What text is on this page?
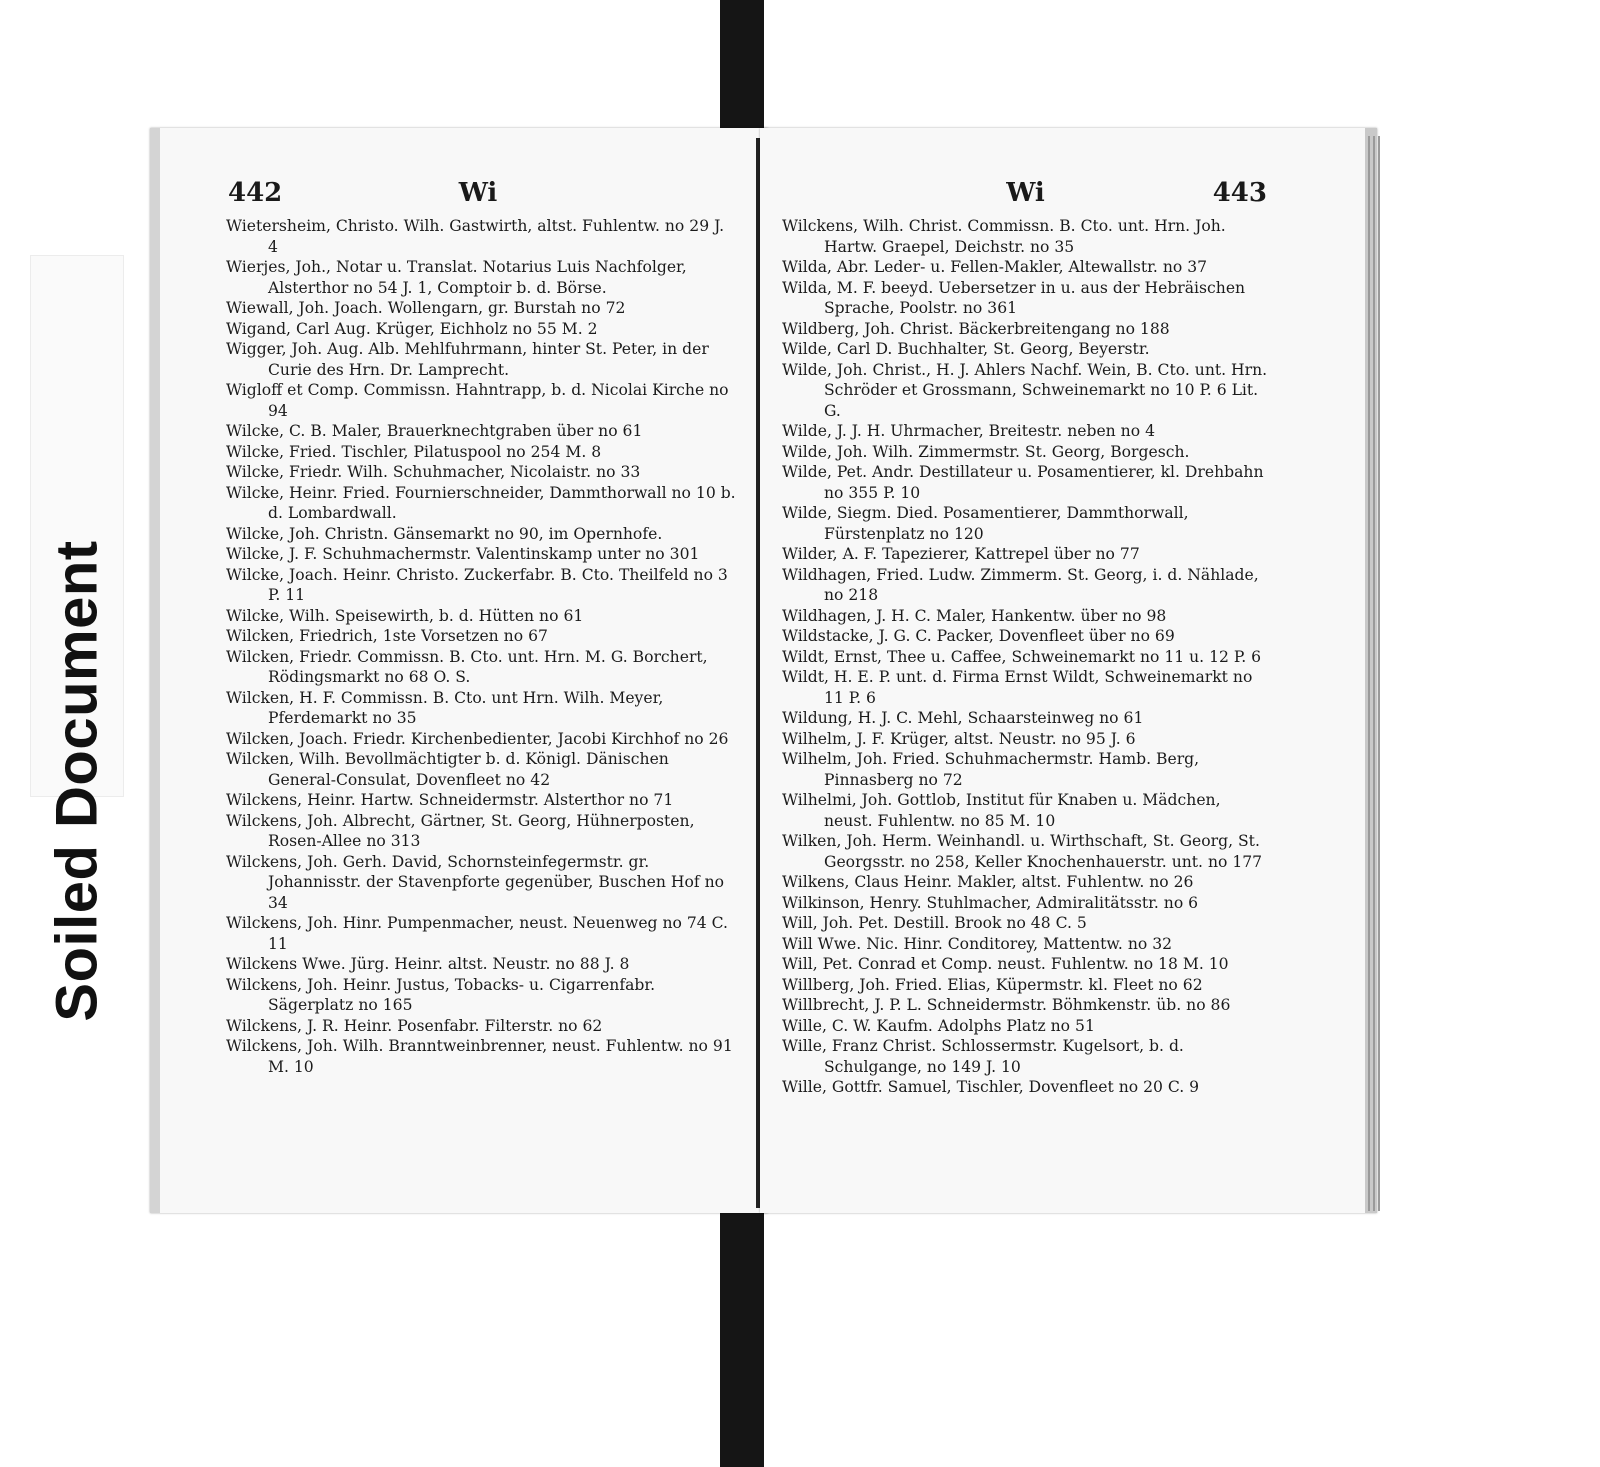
Soiled Document
442	Wi

Wietersheim, Christo. Wilh. Gastwirth, altst. Fuhlentw. no 29 J. 4

Wierjes, Joh., Notar u. Translat. Notarius Luis Nachfolger, Alsterthor no 54 J. 1, Comptoir b. d. Börse.

Wiewall, Joh. Joach. Wollengarn, gr. Burstah no 72

Wigand, Carl Aug. Krüger, Eichholz no 55 M. 2

Wigger, Joh. Aug. Alb. Mehlfuhrmann, hinter St. Peter, in der Curie des Hrn. Dr. Lamprecht.

Wigloff et Comp. Commissn. Hahntrapp, b. d. Nicolai Kirche no 94

Wilcke, C. B. Maler, Brauerknechtgraben über no 61

Wilcke, Fried. Tischler, Pilatuspool no 254 M. 8

Wilcke, Friedr. Wilh. Schuhmacher, Nicolaistr. no 33

Wilcke, Heinr. Fried. Fournierschneider, Dammthorwall no 10 b. d. Lombardwall.

Wilcke, Joh. Christn. Gänsemarkt no 90, im Opernhofe.

Wilcke, J. F. Schuhmachermstr. Valentinskamp unter no 301

Wilcke, Joach. Heinr. Christo. Zuckerfabr. B. Cto. Theilfeld no 3 P. 11

Wilcke, Wilh. Speisewirth, b. d. Hütten no 61

Wilcken, Friedrich, 1ste Vorsetzen no 67

Wilcken, Friedr. Commissn. B. Cto. unt. Hrn. M. G. Borchert, Rödingsmarkt no 68 O. S.

Wilcken, H. F. Commissn. B. Cto. unt Hrn. Wilh. Meyer, Pferdemarkt no 35

Wilcken, Joach. Friedr. Kirchenbedienter, Jacobi Kirchhof no 26

Wilcken, Wilh. Bevollmächtigter b. d. Königl. Dänischen General-Consulat, Dovenfleet no 42

Wilckens, Heinr. Hartw. Schneidermstr. Alsterthor no 71

Wilckens, Joh. Albrecht, Gärtner, St. Georg, Hühnerposten, Rosen-Allee no 313

Wilckens, Joh. Gerh. David, Schornsteinfegermstr. gr. Johannisstr. der Stavenpforte gegenüber, Buschen Hof no 34

Wilckens, Joh. Hinr. Pumpenmacher, neust. Neuenweg no 74 C. 11

Wilckens Wwe. Jürg. Heinr. altst. Neustr. no 88 J. 8

Wilckens, Joh. Heinr. Justus, Tobacks- u. Cigarrenfabr. Sägerplatz no 165

Wilckens, J. R. Heinr. Posenfabr. Filterstr. no 62

Wilckens, Joh. Wilh. Branntweinbrenner, neust. Fuhlentw. no 91 M. 10

Wi	443

Wilckens, Wilh. Christ. Commissn. B. Cto. unt. Hrn. Joh. Hartw. Graepel, Deichstr. no 35

Wilda, Abr. Leder- u. Fellen-Makler, Altewallstr. no 37

Wilda, M. F. beeyd. Uebersetzer in u. aus der Hebräischen Sprache, Poolstr. no 361

Wildberg, Joh. Christ. Bäckerbreitengang no 188

Wilde, Carl D. Buchhalter, St. Georg, Beyerstr.

Wilde, Joh. Christ., H. J. Ahlers Nachf. Wein, B. Cto. unt. Hrn. Schröder et Grossmann, Schweinemarkt no 10 P. 6 Lit. G.

Wilde, J. J. H. Uhrmacher, Breitestr. neben no 4

Wilde, Joh. Wilh. Zimmermstr. St. Georg, Borgesch.

Wilde, Pet. Andr. Destillateur u. Posamentierer, kl. Drehbahn no 355 P. 10

Wilde, Siegm. Died. Posamentierer, Dammthorwall, Fürstenplatz no 120

Wilder, A. F. Tapezierer, Kattrepel über no 77

Wildhagen, Fried. Ludw. Zimmerm. St. Georg, i. d. Nählade, no 218

Wildhagen, J. H. C. Maler, Hankentw. über no 98

Wildstacke, J. G. C. Packer, Dovenfleet über no 69

Wildt, Ernst, Thee u. Caffee, Schweinemarkt no 11 u. 12 P. 6

Wildt, H. E. P. unt. d. Firma Ernst Wildt, Schweinemarkt no 11 P. 6

Wildung, H. J. C. Mehl, Schaarsteinweg no 61

Wilhelm, J. F. Krüger, altst. Neustr. no 95 J. 6

Wilhelm, Joh. Fried. Schuhmachermstr. Hamb. Berg, Pinnasberg no 72

Wilhelmi, Joh. Gottlob, Institut für Knaben u. Mädchen, neust. Fuhlentw. no 85 M. 10

Wilken, Joh. Herm. Weinhandl. u. Wirthschaft, St. Georg, St. Georgsstr. no 258, Keller Knochenhauerstr. unt. no 177

Wilkens, Claus Heinr. Makler, altst. Fuhlentw. no 26

Wilkinson, Henry. Stuhlmacher, Admiralitätsstr. no 6

Will, Joh. Pet. Destill. Brook no 48 C. 5

Will Wwe. Nic. Hinr. Conditorey, Mattentw. no 32

Will, Pet. Conrad et Comp. neust. Fuhlentw. no 18 M. 10

Willberg, Joh. Fried. Elias, Küpermstr. kl. Fleet no 62

Willbrecht, J. P. L. Schneidermstr. Böhmkenstr. üb. no 86

Wille, C. W. Kaufm. Adolphs Platz no 51

Wille, Franz Christ. Schlossermstr. Kugelsort, b. d. Schulgange, no 149 J. 10

Wille, Gottfr. Samuel, Tischler, Dovenfleet no 20 C. 9
